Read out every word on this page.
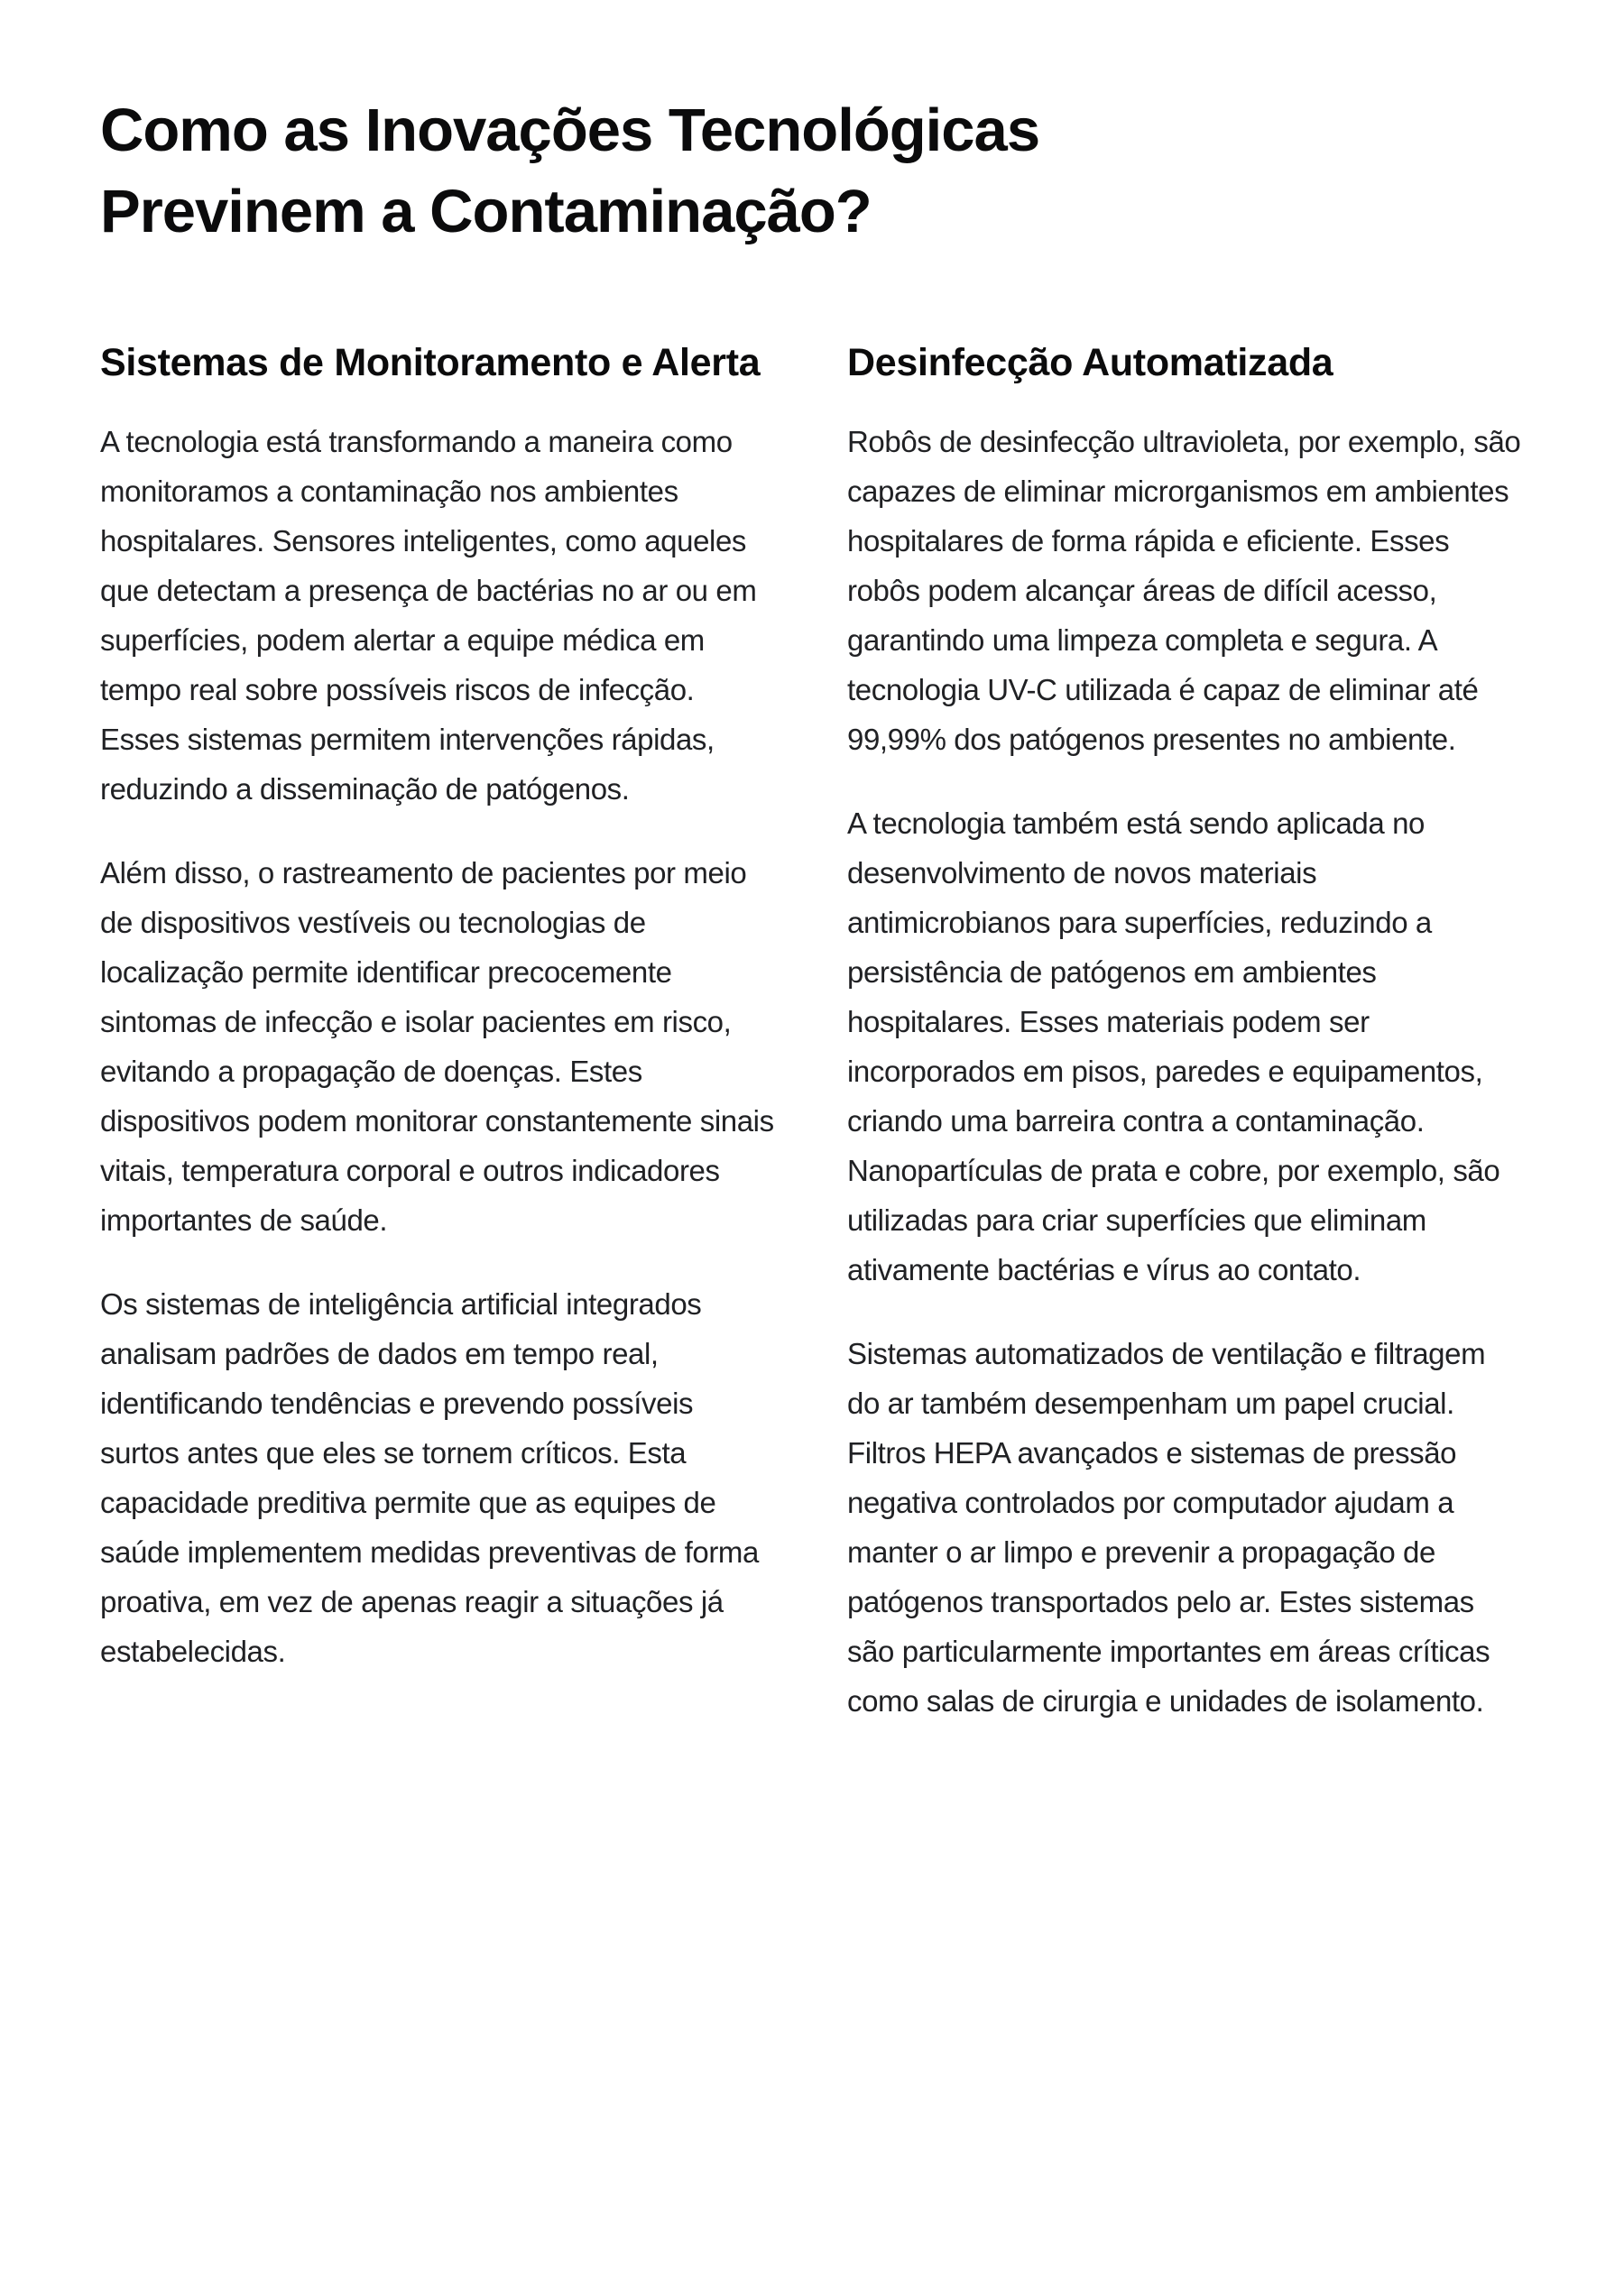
Como as Inovações Tecnológicas
Previnem a Contaminação?
Sistemas de Monitoramento e Alerta

A tecnologia está transformando a maneira como monitoramos a contaminação nos ambientes hospitalares. Sensores inteligentes, como aqueles que detectam a presença de bactérias no ar ou em superfícies, podem alertar a equipe médica em tempo real sobre possíveis riscos de infecção. Esses sistemas permitem intervenções rápidas, reduzindo a disseminação de patógenos.

Além disso, o rastreamento de pacientes por meio de dispositivos vestíveis ou tecnologias de localização permite identificar precocemente sintomas de infecção e isolar pacientes em risco, evitando a propagação de doenças. Estes dispositivos podem monitorar constantemente sinais vitais, temperatura corporal e outros indicadores importantes de saúde.

Os sistemas de inteligência artificial integrados analisam padrões de dados em tempo real, identificando tendências e prevendo possíveis surtos antes que eles se tornem críticos. Esta capacidade preditiva permite que as equipes de saúde implementem medidas preventivas de forma proativa, em vez de apenas reagir a situações já estabelecidas.

Desinfecção Automatizada

Robôs de desinfecção ultravioleta, por exemplo, são capazes de eliminar microrganismos em ambientes hospitalares de forma rápida e eficiente. Esses robôs podem alcançar áreas de difícil acesso, garantindo uma limpeza completa e segura. A tecnologia UV-C utilizada é capaz de eliminar até 99,99% dos patógenos presentes no ambiente.

A tecnologia também está sendo aplicada no desenvolvimento de novos materiais antimicrobianos para superfícies, reduzindo a persistência de patógenos em ambientes hospitalares. Esses materiais podem ser incorporados em pisos, paredes e equipamentos, criando uma barreira contra a contaminação. Nanopartículas de prata e cobre, por exemplo, são utilizadas para criar superfícies que eliminam ativamente bactérias e vírus ao contato.

Sistemas automatizados de ventilação e filtragem do ar também desempenham um papel crucial. Filtros HEPA avançados e sistemas de pressão negativa controlados por computador ajudam a manter o ar limpo e prevenir a propagação de patógenos transportados pelo ar. Estes sistemas são particularmente importantes em áreas críticas como salas de cirurgia e unidades de isolamento.
